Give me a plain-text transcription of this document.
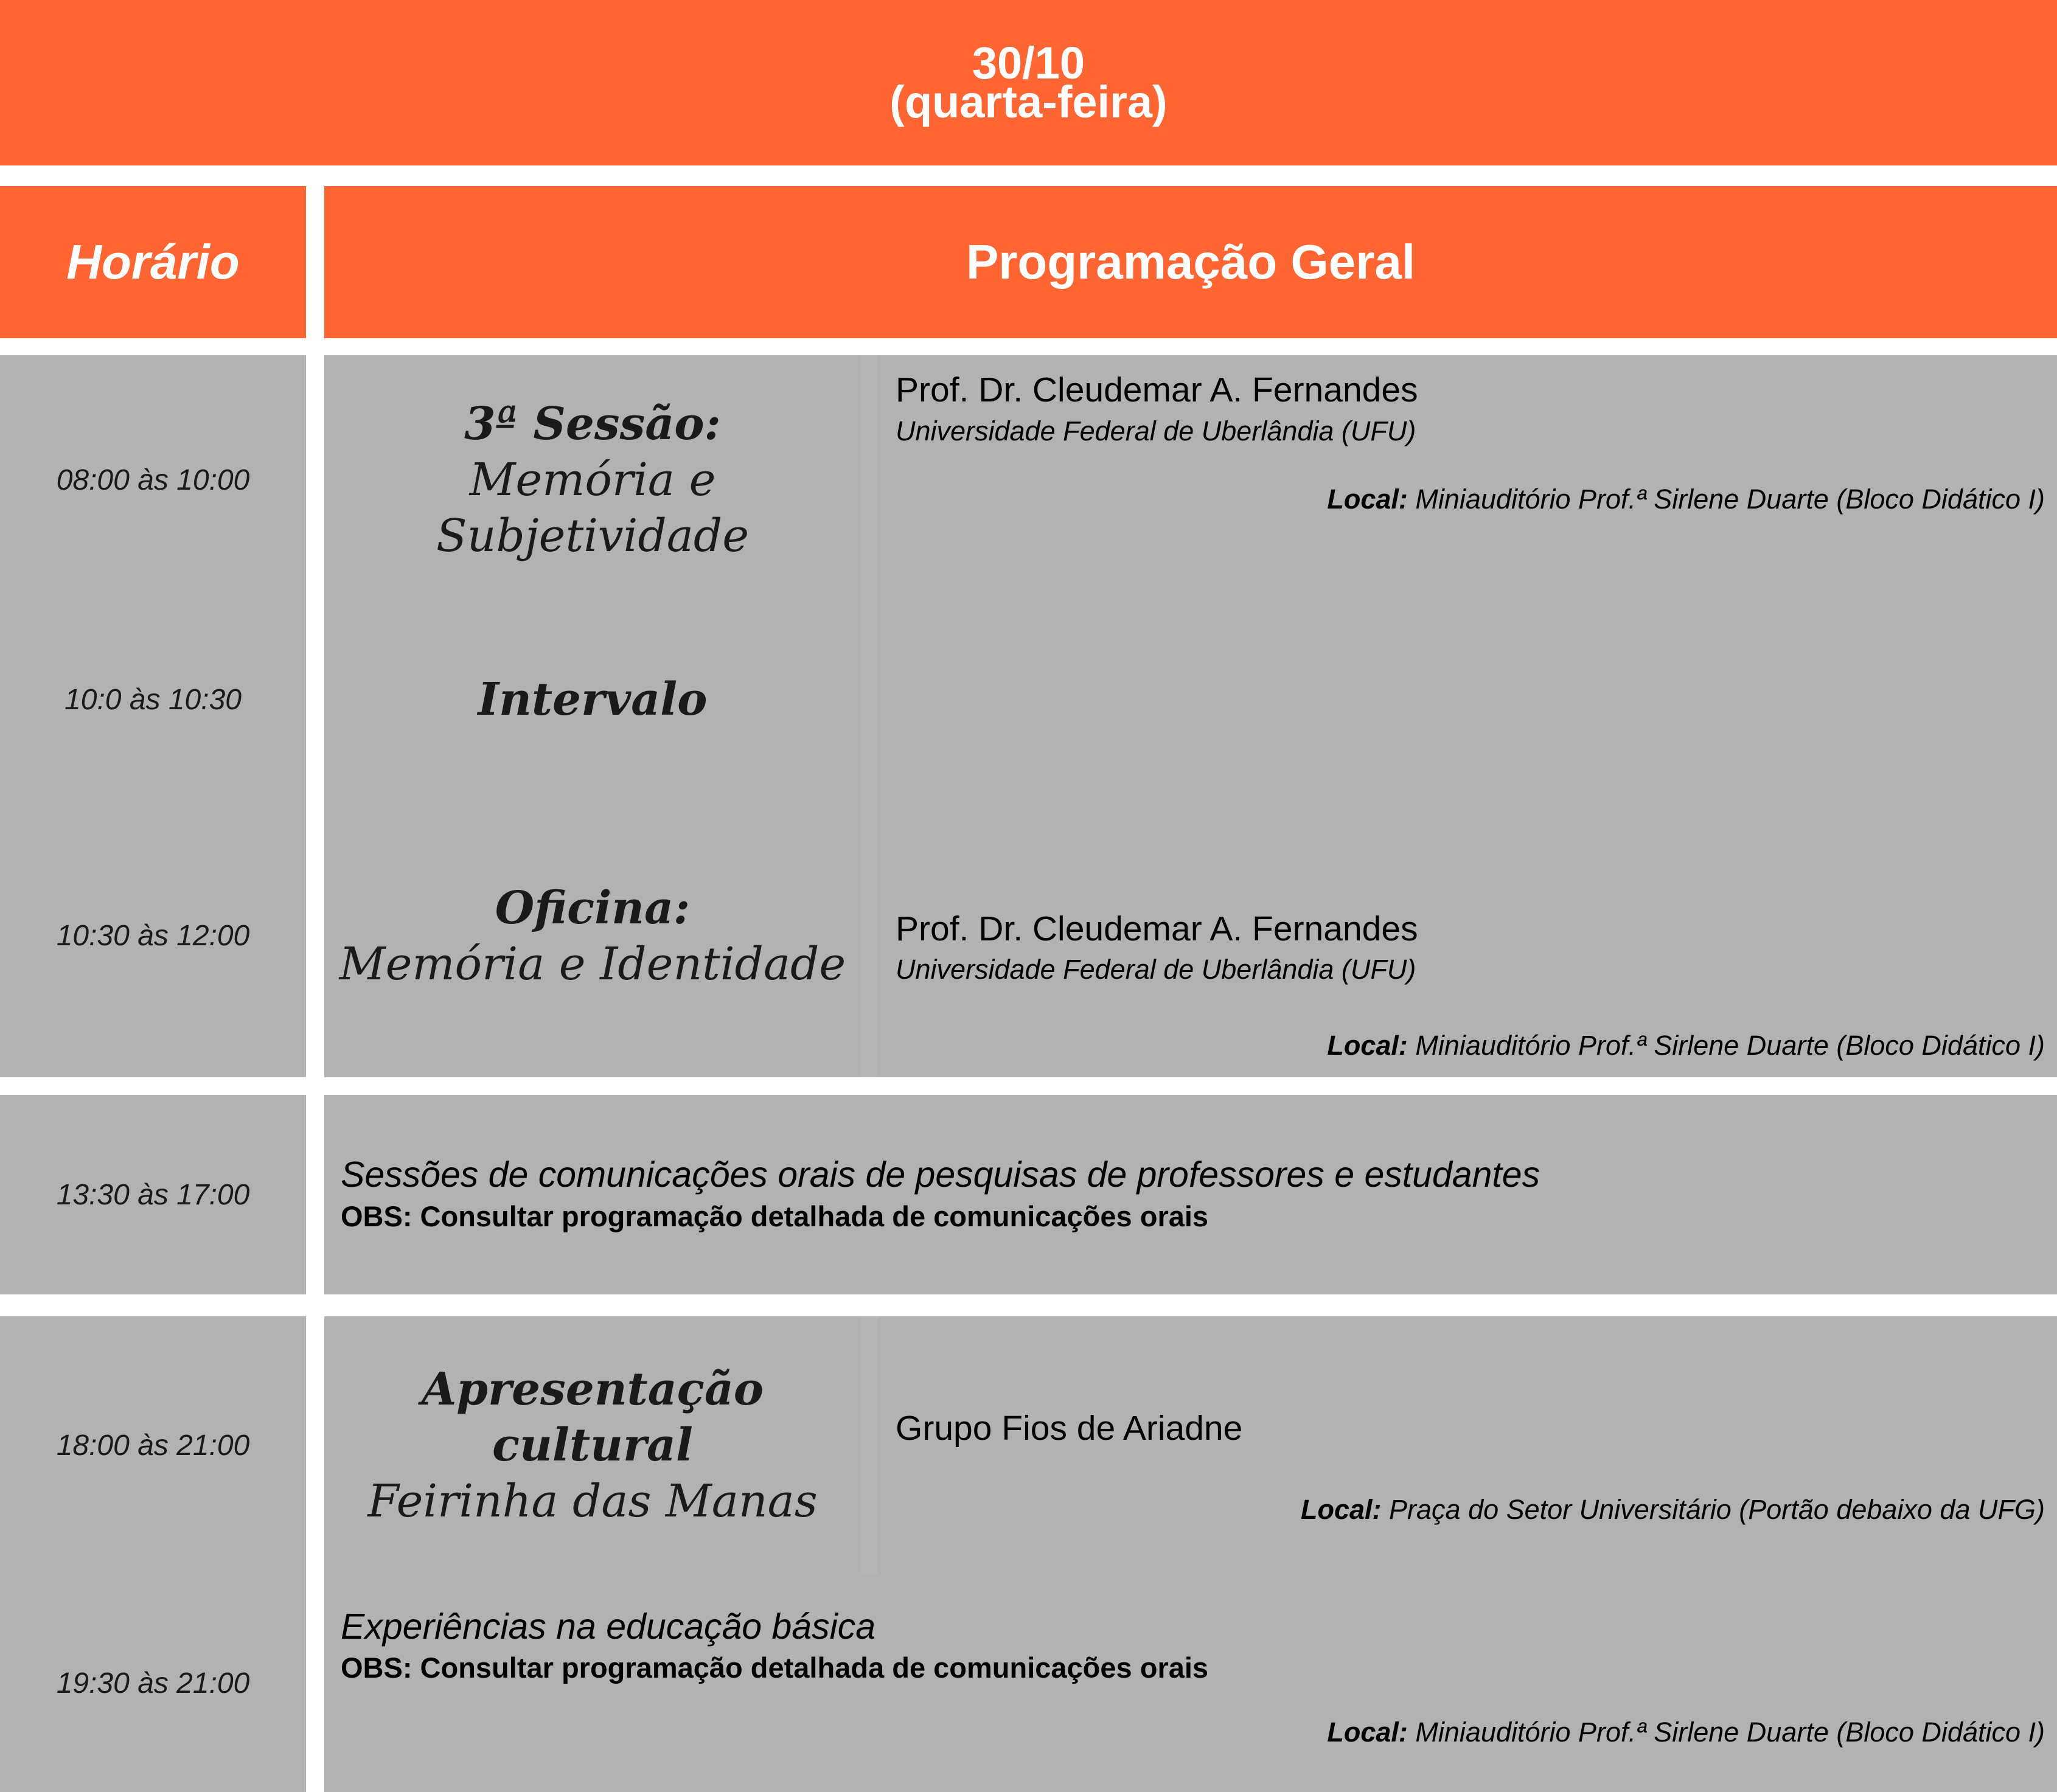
30/10
(quarta-feira)
Horário	Programação Geral
08:00 às 10:00
10:0 às 10:30
10:30 às 12:00
13:30 às 17:00
18:00 às 21:00
19:30 às 21:00
3ª Sessão:
Memória e Subjetividade
Prof. Dr. Cleudemar A. Fernandes
Universidade Federal de Uberlândia (UFU)
Local: Miniauditório Prof.ª Sirlene Duarte (Bloco Didático I)
Intervalo
Oficina:
Memória e Identidade
Prof. Dr. Cleudemar A. Fernandes
Universidade Federal de Uberlândia (UFU)
Local: Miniauditório Prof.ª Sirlene Duarte (Bloco Didático I)
Sessões de comunicações orais de pesquisas de professores e estudantes
OBS: Consultar programação detalhada de comunicações orais
Apresentação cultural
Feirinha das Manas
Grupo Fios de Ariadne
Local: Praça do Setor Universitário (Portão debaixo da UFG)
Experiências na educação básica
OBS: Consultar programação detalhada de comunicações orais
Local: Miniauditório Prof.ª Sirlene Duarte (Bloco Didático I)
